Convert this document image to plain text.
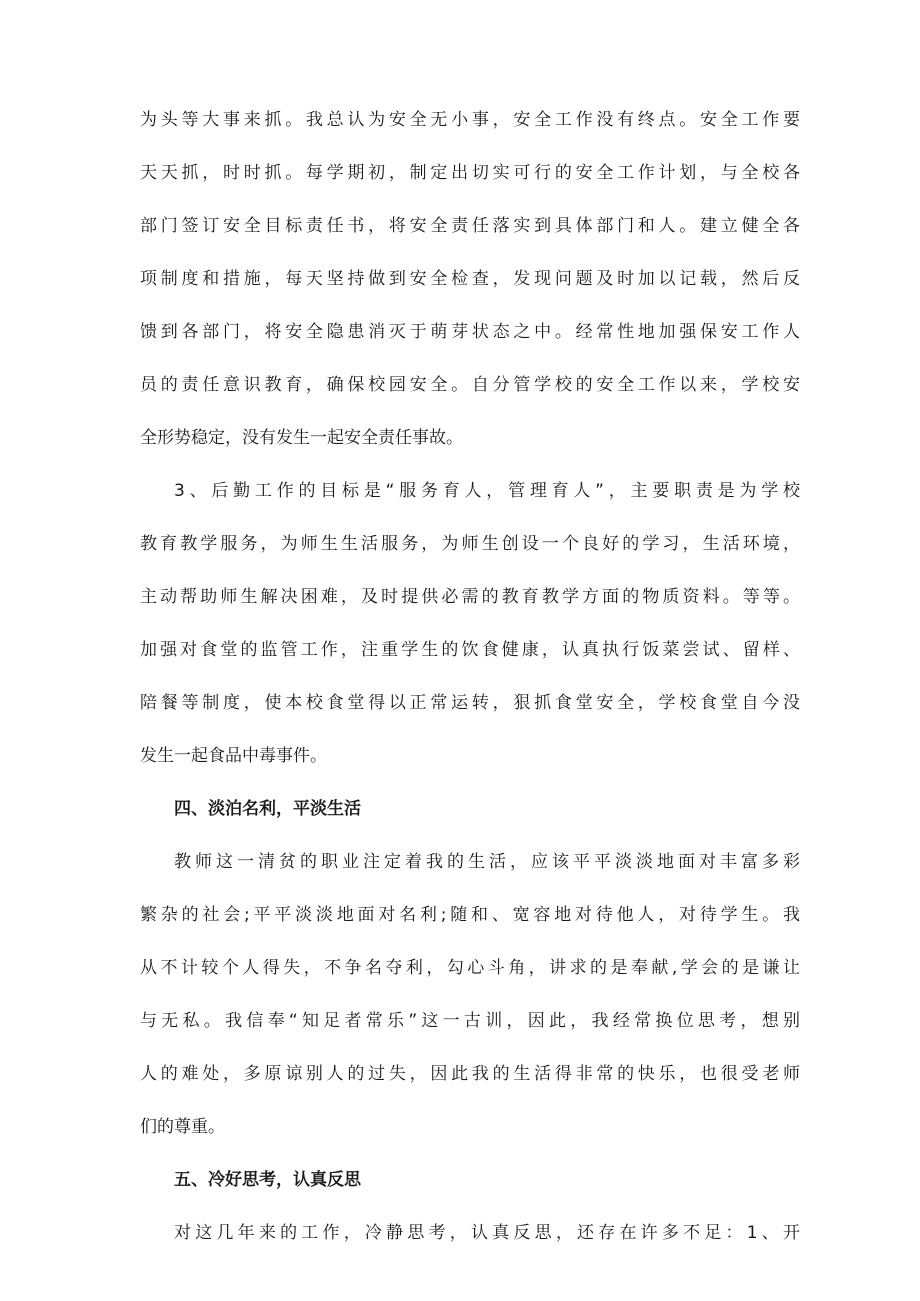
为头等大事来抓。我总认为安全无小事，安全工作没有终点。安全工作要
天天抓，时时抓。每学期初，制定出切实可行的安全工作计划，与全校各
部门签订安全目标责任书，将安全责任落实到具体部门和人。建立健全各
项制度和措施，每天坚持做到安全检查，发现问题及时加以记载，然后反
馈到各部门，将安全隐患消灭于萌芽状态之中。经常性地加强保安工作人
员的责任意识教育，确保校园安全。自分管学校的安全工作以来，学校安
全形势稳定，没有发生一起安全责任事故。
3、后勤工作的目标是“服务育人，管理育人”，主要职责是为学校
教育教学服务，为师生生活服务，为师生创设一个良好的学习，生活环境，
主动帮助师生解决困难，及时提供必需的教育教学方面的物质资料。等等。
加强对食堂的监管工作，注重学生的饮食健康，认真执行饭菜尝试、留样、
陪餐等制度，使本校食堂得以正常运转，狠抓食堂安全，学校食堂自今没
发生一起食品中毒事件。
四、淡泊名利，平淡生活
教师这一清贫的职业注定着我的生活，应该平平淡淡地面对丰富多彩
繁杂的社会;平平淡淡地面对名利;随和、宽容地对待他人，对待学生。我
从不计较个人得失，不争名夺利，勾心斗角，讲求的是奉献,学会的是谦让
与无私。我信奉“知足者常乐”这一古训，因此，我经常换位思考，想别
人的难处，多原谅别人的过失，因此我的生活得非常的快乐，也很受老师
们的尊重。
五、冷好思考，认真反思
对这几年来的工作，冷静思考，认真反思，还存在许多不足：1、开
